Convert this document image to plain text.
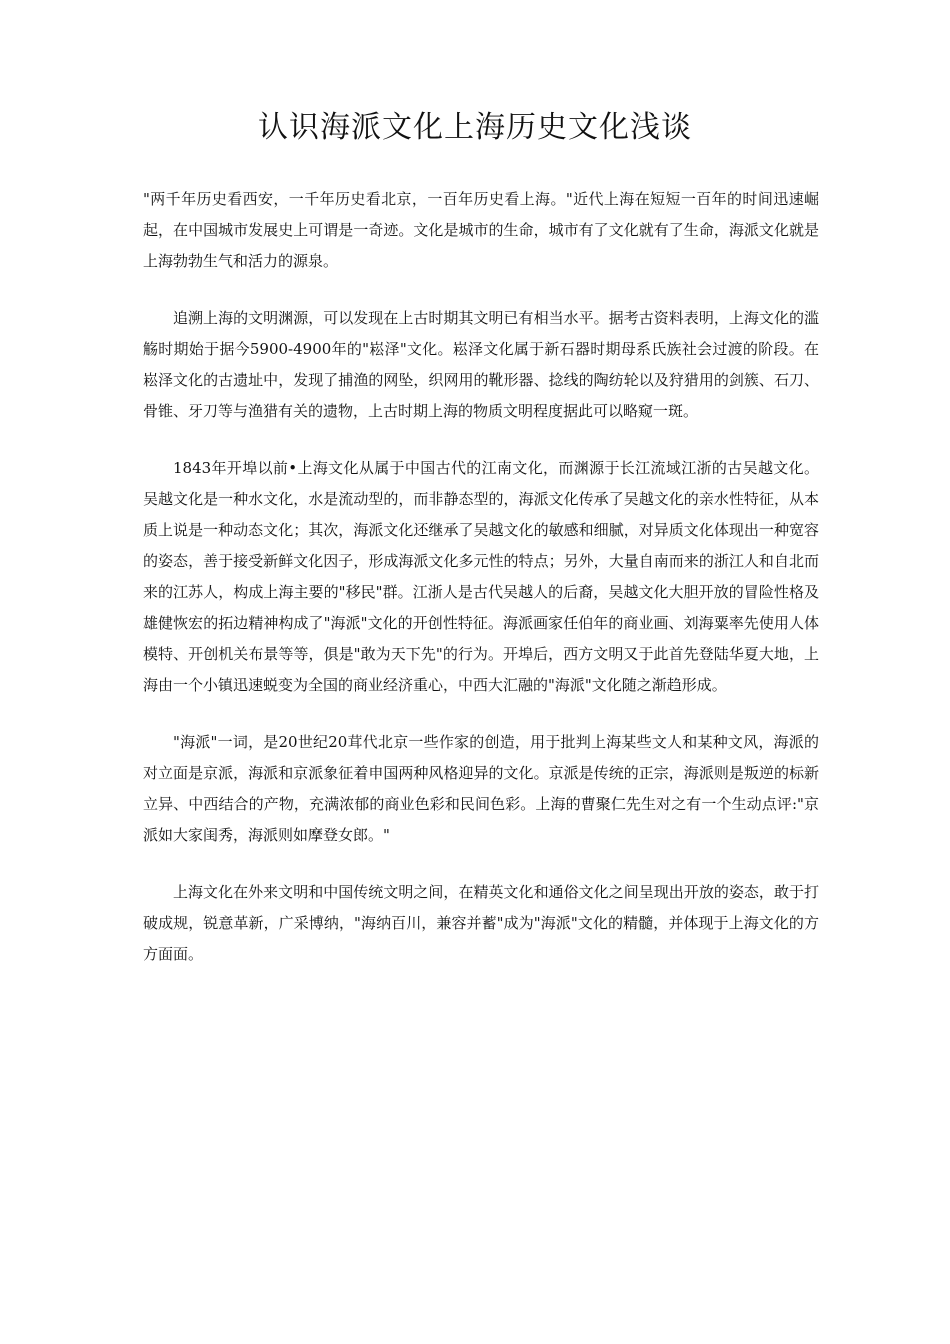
认识海派文化上海历史文化浅谈

"两千年历史看西安，一千年历史看北京，一百年历史看上海。"近代上海在短短一百年的时间迅速崛起，在中国城市发展史上可谓是一奇迹。文化是城市的生命，城市有了文化就有了生命，海派文化就是上海勃勃生气和活力的源泉。

追溯上海的文明渊源，可以发现在上古时期其文明已有相当水平。据考古资料表明，上海文化的滥觞时期始于据今5900-4900年的"崧泽"文化。崧泽文化属于新石器时期母系氏族社会过渡的阶段。在崧泽文化的古遗址中，发现了捕渔的网坠，织网用的靴形器、捻线的陶纺轮以及狩猎用的剑簇、石刀、骨锥、牙刀等与渔猎有关的遗物，上古时期上海的物质文明程度据此可以略窥一斑。

1843年开埠以前•上海文化从属于中国古代的江南文化，而渊源于长江流域江浙的古吴越文化。吴越文化是一种水文化，水是流动型的，而非静态型的，海派文化传承了吴越文化的亲水性特征，从本质上说是一种动态文化；其次，海派文化还继承了吴越文化的敏感和细腻，对异质文化体现出一种宽容的姿态，善于接受新鲜文化因子，形成海派文化多元性的特点；另外，大量自南而来的浙江人和自北而来的江苏人，构成上海主要的"移民"群。江浙人是古代吴越人的后裔，吴越文化大胆开放的冒险性格及雄健恢宏的拓边精神构成了"海派"文化的开创性特征。海派画家任伯年的商业画、刘海粟率先使用人体模特、开创机关布景等等，俱是"敢为天下先"的行为。开埠后，西方文明又于此首先登陆华夏大地，上海由一个小镇迅速蜕变为全国的商业经济重心，中西大汇融的"海派"文化随之渐趋形成。

"海派"一词，是20世纪20茸代北京一些作家的创造，用于批判上海某些文人和某种文风，海派的对立面是京派，海派和京派象征着申国两种风格迎异的文化。京派是传统的正宗，海派则是叛逆的标新立异、中西结合的产物，充满浓郁的商业色彩和民间色彩。上海的曹聚仁先生对之有一个生动点评:"京派如大家闺秀，海派则如摩登女郎。"

上海文化在外来文明和中国传统文明之间，在精英文化和通俗文化之间呈现出开放的姿态，敢于打破成规，锐意革新，广采博纳，"海纳百川，兼容并蓄"成为"海派"文化的精髓，并体现于上海文化的方方面面。
